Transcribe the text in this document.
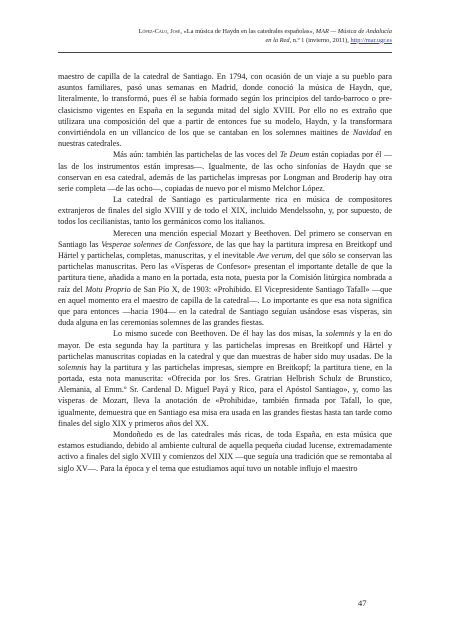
López-Calo, José, «La música de Haydn en las catedrales españolas», MAR — Música de Andalucía
en la Red, n.º 1 (invierno, 2011), http://mar.ugr.es

maestro de capilla de la catedral de Santiago. En 1794, con ocasión de un viaje a su pueblo para asuntos familiares, pasó unas semanas en Madrid, donde conoció la música de Haydn, que, literalmente, lo transformó, pues él se había formado según los principios del tardo-barroco o pre-clasicismo vigentes en España en la segunda mitad del siglo XVIII. Por ello no es extraño que utilizara una composición del que a partir de entonces fue su modelo, Haydn, y la transformara convirtiéndola en un villancico de los que se cantaban en los solemnes maitines de Navidad en nuestras catedrales.

Más aún: también las partichelas de las voces del Te Deum están copiadas por él —las de los instrumentos están impresas—. Igualmente, de las ocho sinfonías de Haydn que se conservan en esa catedral, además de las partichelas impresas por Longman and Broderip hay otra serie completa —de las ocho—, copiadas de nuevo por el mismo Melchor López.

La catedral de Santiago es particularmente rica en música de compositores extranjeros de finales del siglo XVIII y de todo el XIX, incluido Mendelssohn, y, por supuesto, de todos los cecilianistas, tanto los germánicos como los italianos.

Merecen una mención especial Mozart y Beethoven. Del primero se conservan en Santiago las Vesperae solennes de Confessore, de las que hay la partitura impresa en Breitkopf und Härtel y partichelas, completas, manuscritas, y el inevitable Ave verum, del que sólo se conservan las partichelas manuscritas. Pero las «Vísperas de Confesor» presentan el importante detalle de que la partitura tiene, añadida a mano en la portada, esta nota, puesta por la Comisión litúrgica nombrada a raíz del Motu Proprio de San Pío X, de 1903: «Prohibido. El Vicepresidente Santiago Tafall» —que en aquel momento era el maestro de capilla de la catedral—. Lo importante es que esa nota significa que para entonces —hacia 1904— en la catedral de Santiago seguían usándose esas vísperas, sin duda alguna en las ceremonias solemnes de las grandes fiestas.

Lo mismo sucede con Beethoven. De él hay las dos misas, la solemnis y la en do mayor. De esta segunda hay la partitura y las partichelas impresas en Breitkopf und Härtel y partichelas manuscritas copiadas en la catedral y que dan muestras de haber sido muy usadas. De la solemnis hay la partitura y las partichelas impresas, siempre en Breitkopf; la partitura tiene, en la portada, esta nota manuscrita: «Ofrecida por los Sres. Gratrian Helbrish Schulz de Brunstico, Alemania, al Emm.º Sr. Cardenal D. Miguel Payá y Rico, para el Apóstol Santiago», y, como las vísperas de Mozart, lleva la anotación de «Prohibida», también firmada por Tafall, lo que, igualmente, demuestra que en Santiago esa misa era usada en las grandes fiestas hasta tan tarde como finales del siglo XIX y primeros años del XX.

Mondoñedo es de las catedrales más ricas, de toda España, en esta música que estamos estudiando, debido al ambiente cultural de aquella pequeña ciudad lucense, extremadamente activo a finales del siglo XVIII y comienzos del XIX —que seguía una tradición que se remontaba al siglo XV—. Para la época y el tema que estudiamos aquí tuvo un notable influjo el maestro

47
